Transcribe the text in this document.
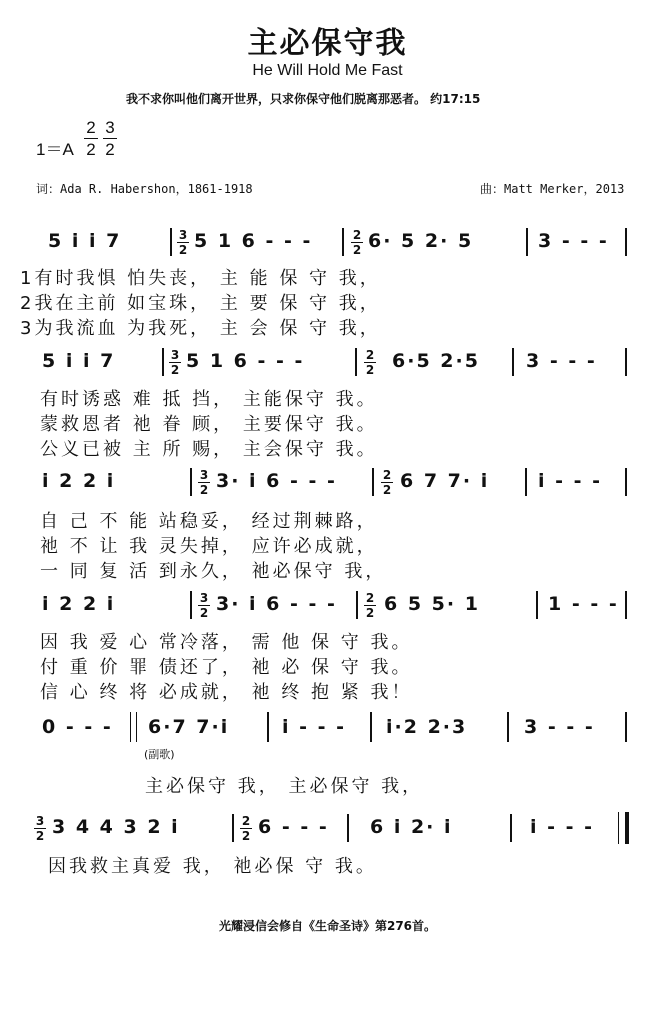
主必保守我
He Will Hold Me Fast
我不求你叫他们离开世界，只求你保守他们脱离那恶者。 约17:15
1＝A
2
2
3
2
词：Ada R. Habershon，1861-1918	曲：Matt Merker，2013
5 i i 7	3
2 5 1 6 - - -	2
2 6· 5 2· 5	3 - - -
1有时我惧 怕失丧， 主 能 保 守 我，
2我在主前 如宝珠， 主 要 保 守 我，
3为我流血 为我死， 主 会 保 守 我，
5 i i 7	3
2 5 1 6 - - -	2
2 6·5 2·5 3 - - -
有时诱惑 难 抵 挡， 主能保守 我。
蒙救恩者 祂 眷 顾， 主要保守 我。
公义已被 主 所 赐， 主会保守 我。
i 2 2 i	3
2 3· i 6 - - -	2
2 6 7 7· i	i - - -
自 己 不 能 站稳妥， 经过荆棘路，
祂 不 让 我 灵失掉， 应许必成就，
一 同 复 活 到永久， 祂必保守 我，
i 2 2 i	3
2 3· i 6 - - - 2
2 6 5 5· 1	1 - - -
因 我 爱 心 常冷落， 需 他 保 守 我。
付 重 价 罪 债还了， 祂 必 保 守 我。
信 心 终 将 必成就， 祂 终 抱 紧 我！
0 - - - 6·7 7·i	i - - - i·2 2·3	3 - - -
(副歌)
主必保守 我， 主必保守 我，
3
2 3 4 4 3 2 i	2
2 6 - - - 6 i 2· i	i - - -
因我救主真爱 我， 祂必保 守 我。
光耀浸信会修自《生命圣诗》第276首。
